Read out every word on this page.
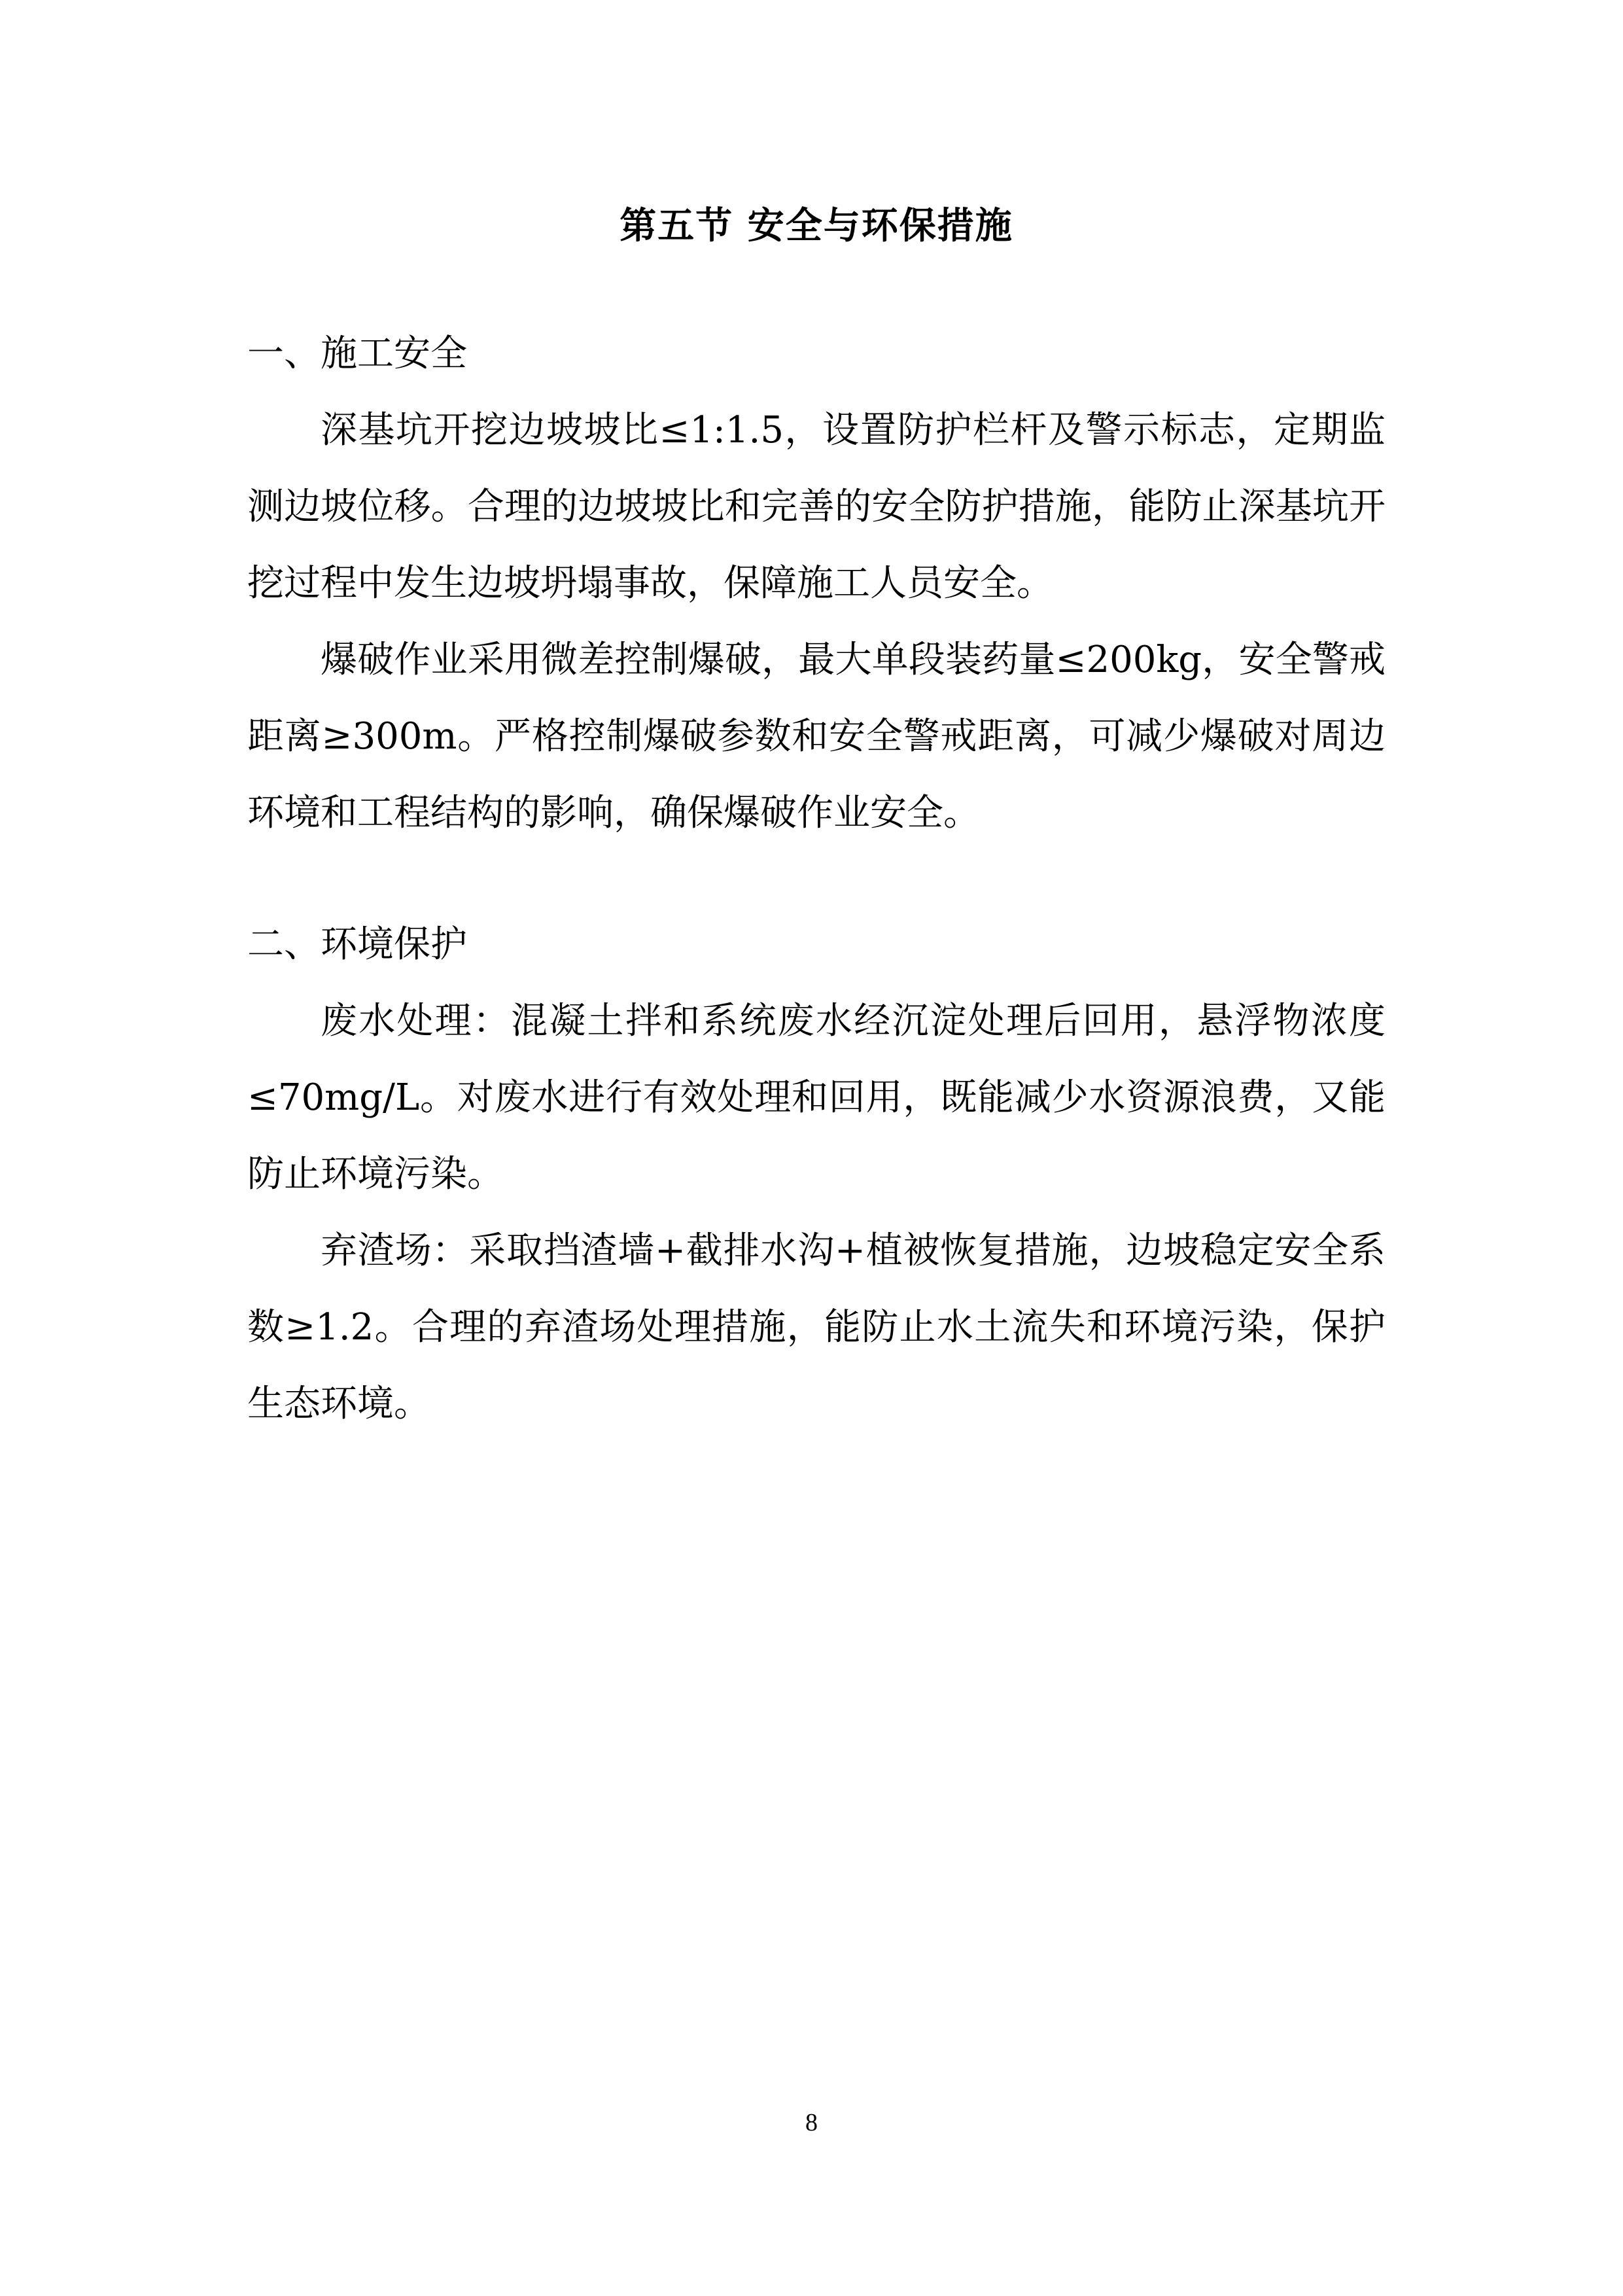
第五节 安全与环保措施
一、施工安全

深基坑开挖边坡坡比≤1:1.5，设置防护栏杆及警示标志，定期监测边坡位移。合理的边坡坡比和完善的安全防护措施，能防止深基坑开挖过程中发生边坡坍塌事故，保障施工人员安全。

爆破作业采用微差控制爆破，最大单段装药量≤200kg，安全警戒距离≥300m。严格控制爆破参数和安全警戒距离，可减少爆破对周边环境和工程结构的影响，确保爆破作业安全。

二、环境保护

废水处理：混凝土拌和系统废水经沉淀处理后回用，悬浮物浓度≤70mg/L。对废水进行有效处理和回用，既能减少水资源浪费，又能防止环境污染。

弃渣场：采取挡渣墙+截排水沟+植被恢复措施，边坡稳定安全系数≥1.2。合理的弃渣场处理措施，能防止水土流失和环境污染，保护生态环境。

8
